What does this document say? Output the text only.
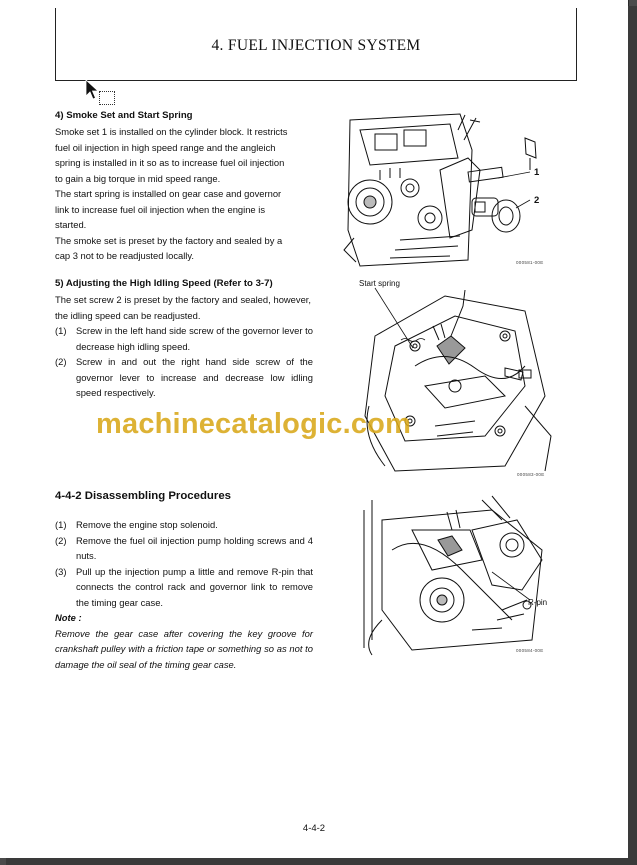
4. FUEL INJECTION SYSTEM
4) Smoke Set and Start Spring
Smoke set 1 is installed on the cylinder block. It restricts
fuel oil injection in high speed range and the angleich
spring is installed in it so as to increase fuel oil injection
to gain a big torque in mid speed range.
The start spring is installed on gear case and governor
link to increase fuel oil injection when the engine is
started.
The smoke set is preset by the factory and sealed by a
cap 3 not to be readjusted locally.
5) Adjusting the High Idling Speed (Refer to 3-7)
The set screw 2 is preset by the factory and sealed, however, the idling speed can be readjusted.
(1) Screw in the left hand side screw of the governor lever to decrease high idling speed.
(2) Screw in and out the right hand side screw of the governor lever to increase and decrease low idling speed respectively.
4-4-2 Disassembling Procedures
(1) Remove the engine stop solenoid.
(2) Remove the fuel oil injection pump holding screws and 4 nuts.
(3) Pull up the injection pump a little and remove R-pin that connects the control rack and governor link to remove the timing gear case.
Note :
Remove the gear case after covering the key groove for crankshaft pulley with a friction tape or something so as not to damage the oil seal of the timing gear case.
1
2
000581-00E
Start spring
000583-00E
R-pin
000584-00E
machinecatalogic.com
4-4-2
